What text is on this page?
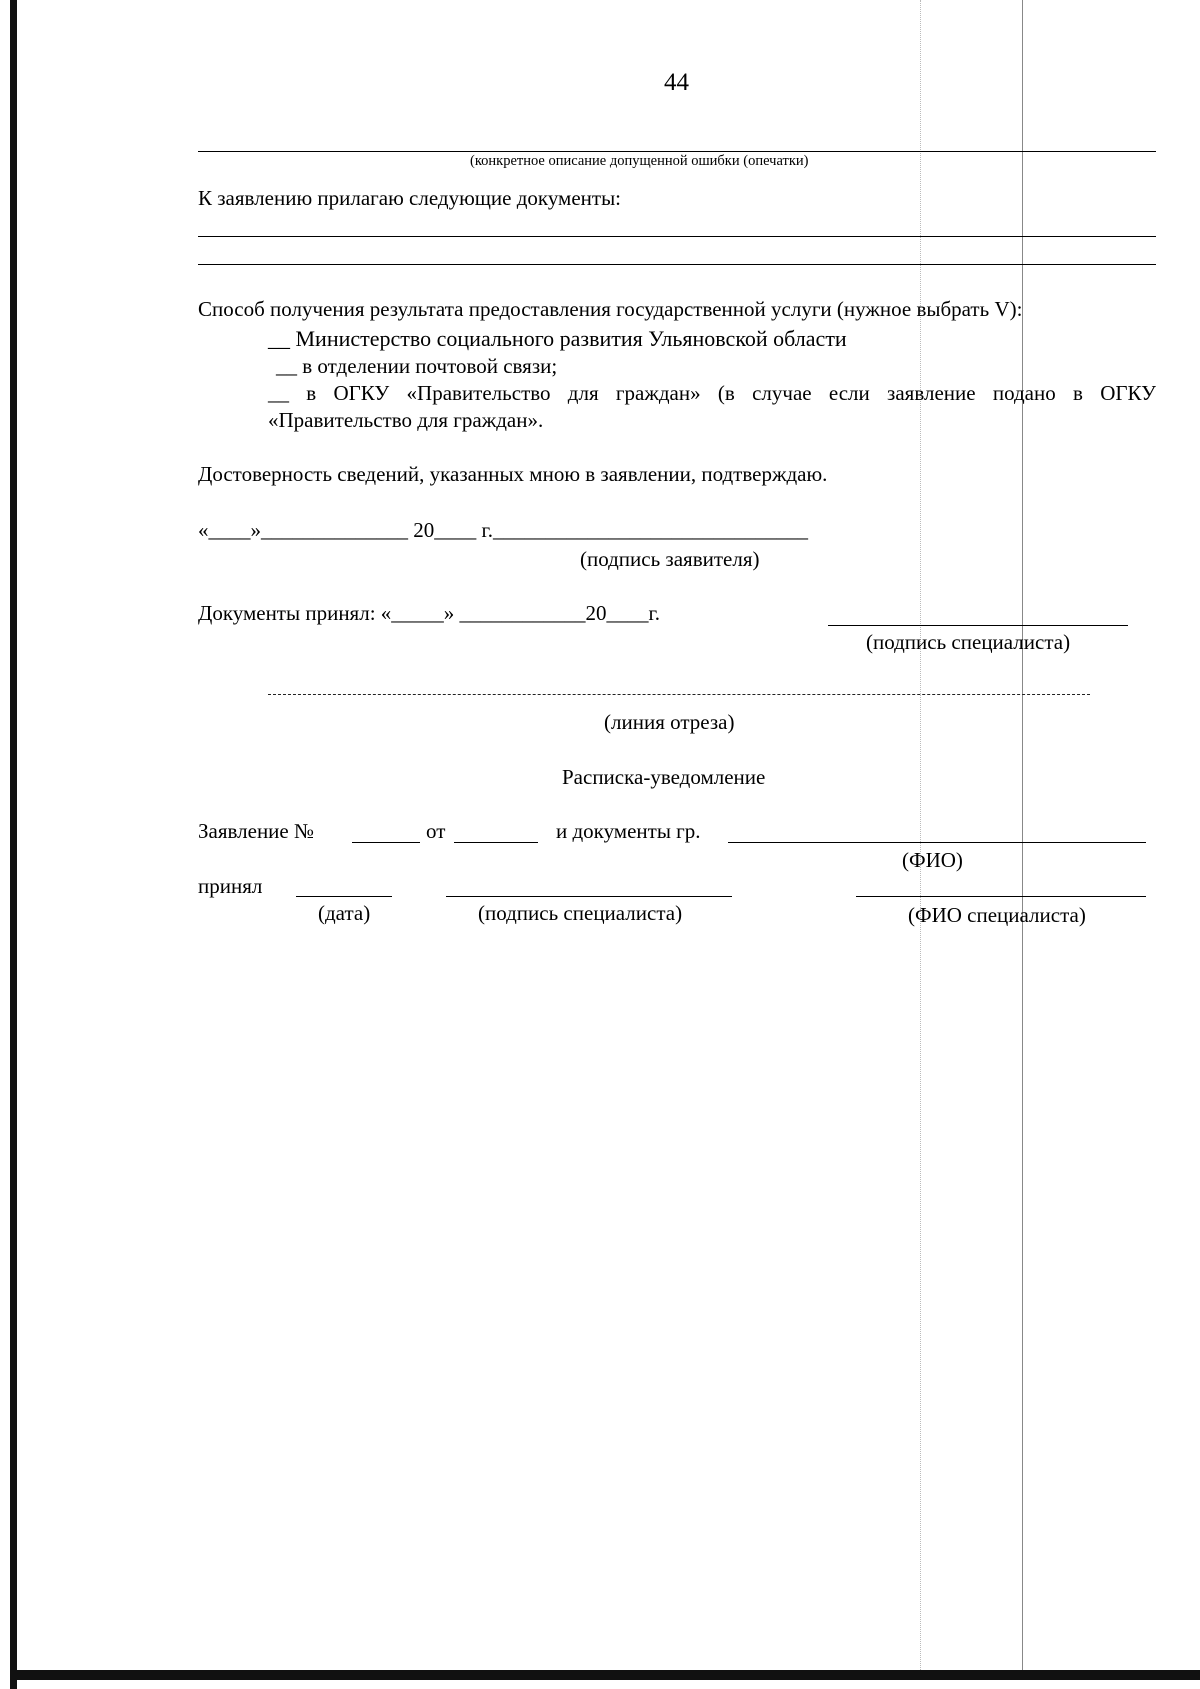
44
(конкретное описание допущенной ошибки (опечатки)
К заявлению прилагаю следующие документы:
Способ получения результата предоставления государственной услуги (нужное выбрать V):
__ Министерство социального развития Ульяновской области
__ в отделении почтовой связи;
__ в ОГКУ «Правительство для граждан» (в случае если заявление подано в ОГКУ
«Правительство для граждан».
Достоверность сведений, указанных мною в заявлении, подтверждаю.
«____»______________ 20____ г.______________________________
(подпись заявителя)
Документы принял: «_____» ____________20____г.
(подпись специалиста)
(линия отреза)
Расписка-уведомление
Заявление №	от	и документы гр.
(ФИО)
принял
(дата)	(подпись специалиста)	(ФИО специалиста)
